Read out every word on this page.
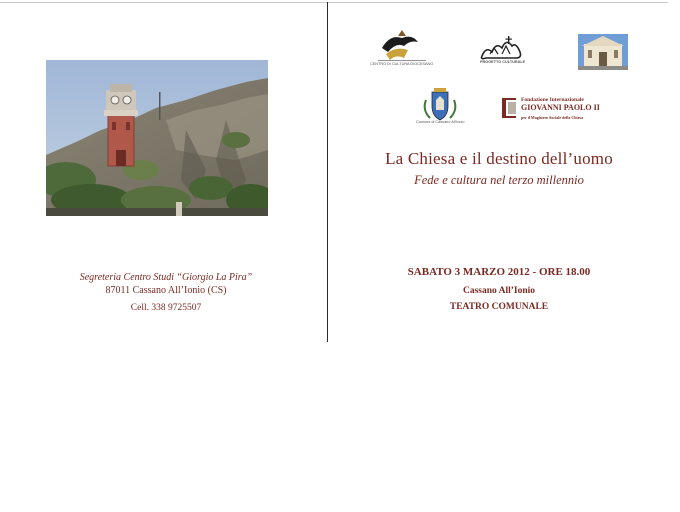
Segreteria Centro Studi “Giorgio La Pira”
87011 Cassano All’Ionio (CS)
Cell. 338 9725507
CENTRO DI CULTURA DIOCESANO	PROGETTO CULTURALE
Comune di Cassano All'Ionio
Fondazione Internazionale
GIOVANNI PAOLO II
per il Magistero Sociale della Chiesa
La Chiesa e il destino dell’uomo
Fede e cultura nel terzo millennio
SABATO 3 MARZO 2012 - ORE 18.00
Cassano All’Ionio
TEATRO COMUNALE
